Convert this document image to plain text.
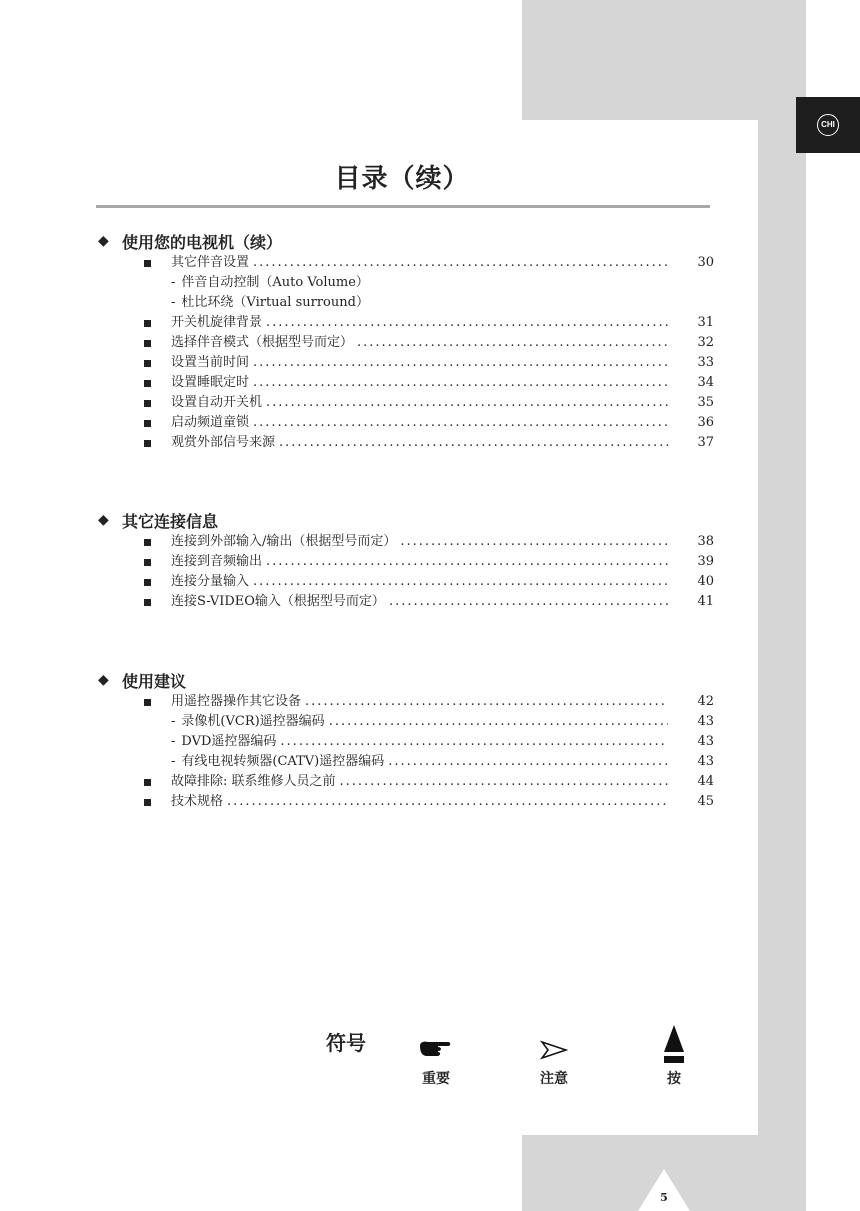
CHI
目录（续）
◆ 使用您的电视机（续）
其它伴音设置 .....	30
- 伴音自动控制（Auto Volume）
- 杜比环绕（Virtual surround）
开关机旋律背景 .....	31
选择伴音模式（根据型号而定） .....	32
设置当前时间 .....	33
设置睡眠定时 .....	34
设置自动开关机 .....	35
启动频道童锁 .....	36
观赏外部信号来源 .....	37
◆ 其它连接信息
连接到外部输入/输出（根据型号而定） .....	38
连接到音频输出 .....	39
连接分量输入 .....	40
连接S-VIDEO输入（根据型号而定） .....	41
◆ 使用建议
用遥控器操作其它设备 .....	42
- 录像机(VCR)遥控器编码 .....	43
- DVD遥控器编码 .....	43
- 有线电视转频器(CATV)遥控器编码 .....	43
故障排除: 联系维修人员之前 .....	44
技术规格 .....	45
符号
重要	注意	按
5
